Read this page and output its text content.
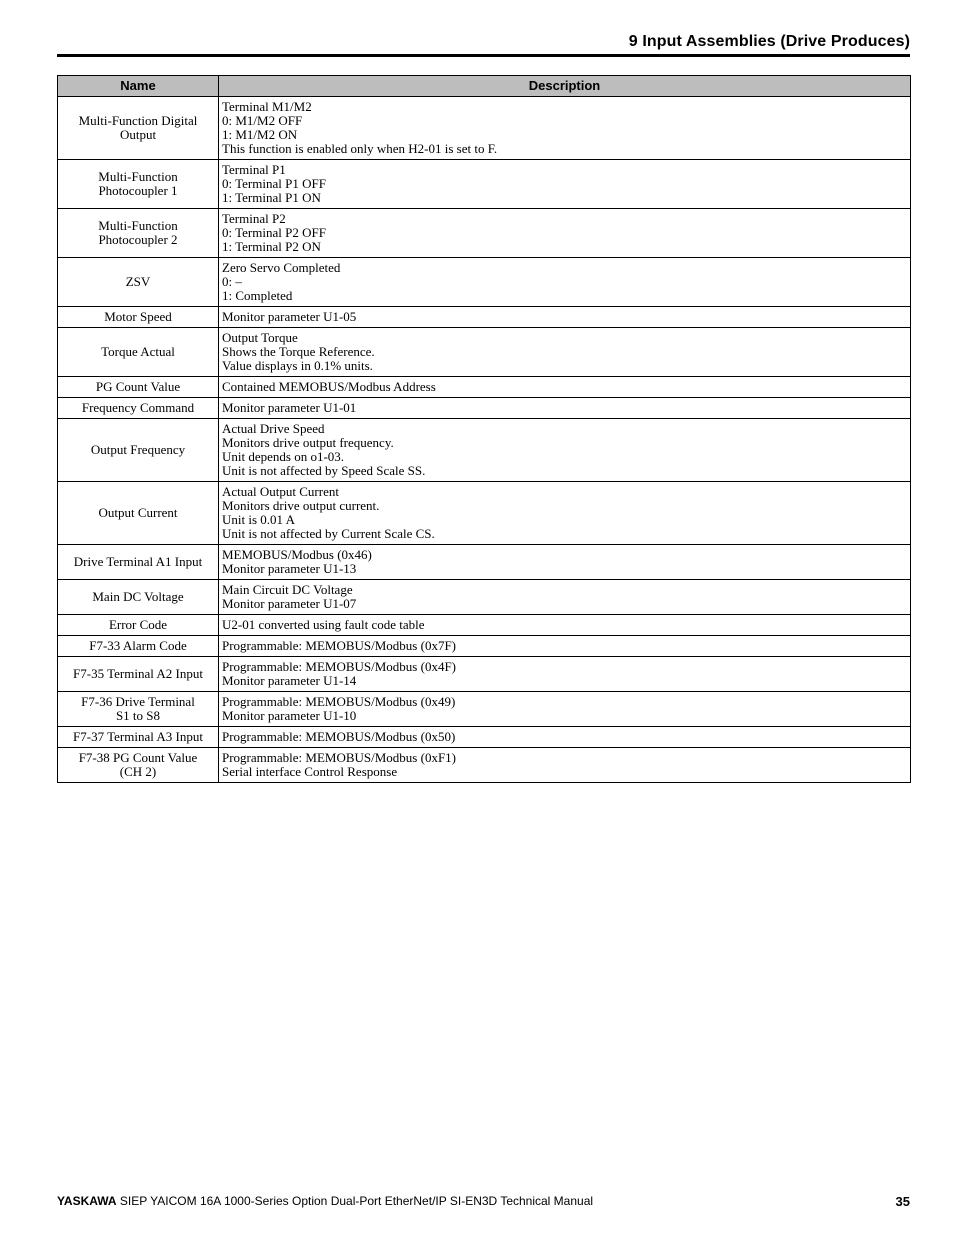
9 Input Assemblies (Drive Produces)
Name	Description

Multi-Function Digital
Output	Terminal M1/M2
0: M1/M2 OFF
1: M1/M2 ON
This function is enabled only when H2-01 is set to F.

Multi-Function
Photocoupler 1	Terminal P1
0: Terminal P1 OFF
1: Terminal P1 ON

Multi-Function
Photocoupler 2	Terminal P2
0: Terminal P2 OFF
1: Terminal P2 ON

ZSV	Zero Servo Completed
0: –
1: Completed

Motor Speed	Monitor parameter U1-05

Torque Actual	Output Torque
Shows the Torque Reference.
Value displays in 0.1% units.

PG Count Value	Contained MEMOBUS/Modbus Address

Frequency Command	Monitor parameter U1-01

Output Frequency	Actual Drive Speed
Monitors drive output frequency.
Unit depends on o1-03.
Unit is not affected by Speed Scale SS.

Output Current	Actual Output Current
Monitors drive output current.
Unit is 0.01 A
Unit is not affected by Current Scale CS.

Drive Terminal A1 Input	MEMOBUS/Modbus (0x46)
Monitor parameter U1-13

Main DC Voltage	Main Circuit DC Voltage
Monitor parameter U1-07

Error Code	U2-01 converted using fault code table

F7-33 Alarm Code	Programmable: MEMOBUS/Modbus (0x7F)

F7-35 Terminal A2 Input	Programmable: MEMOBUS/Modbus (0x4F)
Monitor parameter U1-14

F7-36 Drive Terminal
S1 to S8	Programmable: MEMOBUS/Modbus (0x49)
Monitor parameter U1-10

F7-37 Terminal A3 Input	Programmable: MEMOBUS/Modbus (0x50)

F7-38 PG Count Value
(CH 2)	Programmable: MEMOBUS/Modbus (0xF1)
Serial interface Control Response
YASKAWA SIEP YAICOM 16A 1000-Series Option Dual-Port EtherNet/IP SI-EN3D Technical Manual	35
